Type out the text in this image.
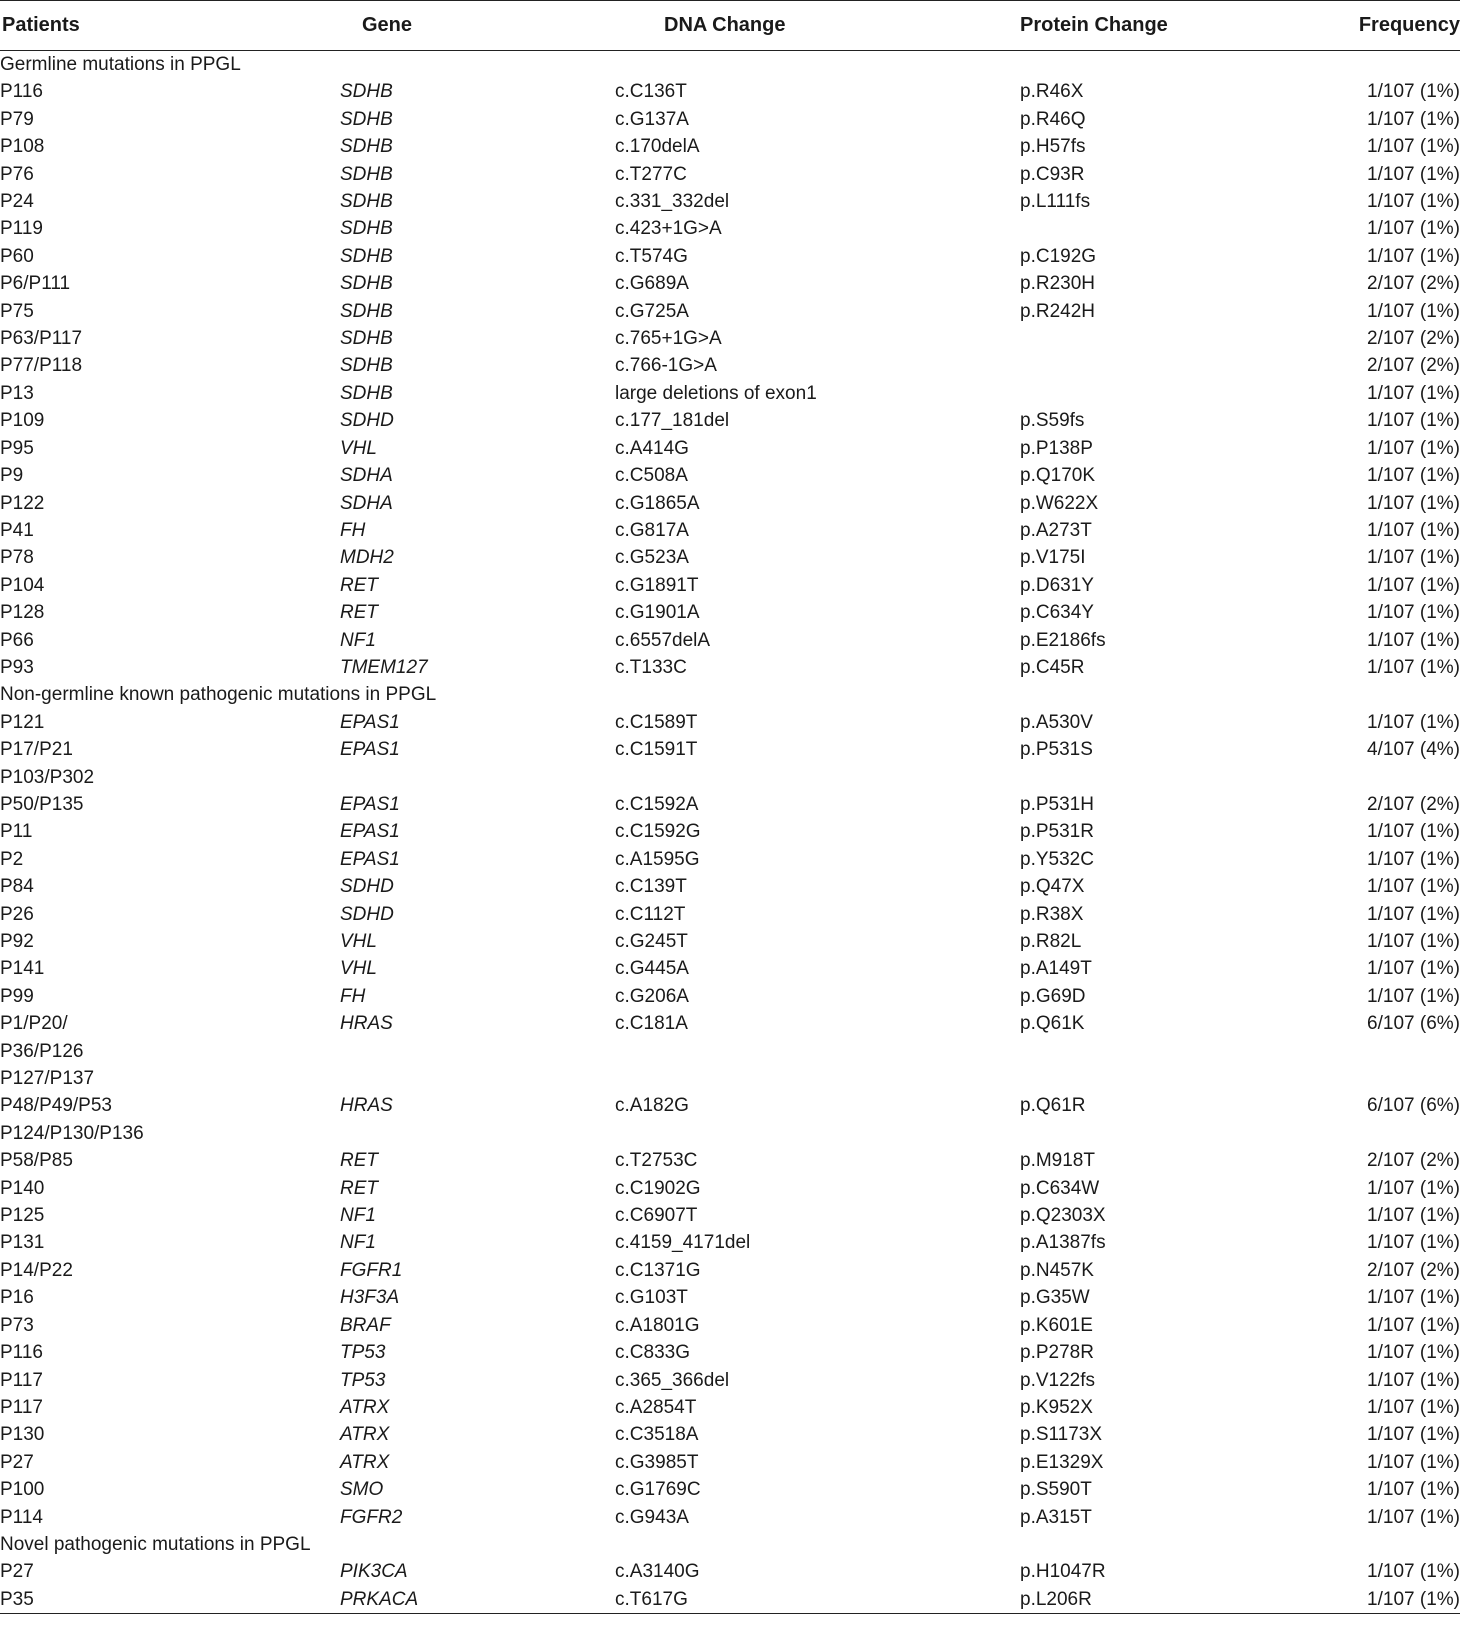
Patients	Gene	DNA Change	Protein Change	Frequency
Germline mutations in PPGL				
P116	SDHB	c.C136T	p.R46X	1/107 (1%)
P79	SDHB	c.G137A	p.R46Q	1/107 (1%)
P108	SDHB	c.170delA	p.H57fs	1/107 (1%)
P76	SDHB	c.T277C	p.C93R	1/107 (1%)
P24	SDHB	c.331_332del	p.L111fs	1/107 (1%)
P119	SDHB	c.423+1G>A		1/107 (1%)
P60	SDHB	c.T574G	p.C192G	1/107 (1%)
P6/P111	SDHB	c.G689A	p.R230H	2/107 (2%)
P75	SDHB	c.G725A	p.R242H	1/107 (1%)
P63/P117	SDHB	c.765+1G>A		2/107 (2%)
P77/P118	SDHB	c.766-1G>A		2/107 (2%)
P13	SDHB	large deletions of exon1		1/107 (1%)
P109	SDHD	c.177_181del	p.S59fs	1/107 (1%)
P95	VHL	c.A414G	p.P138P	1/107 (1%)
P9	SDHA	c.C508A	p.Q170K	1/107 (1%)
P122	SDHA	c.G1865A	p.W622X	1/107 (1%)
P41	FH	c.G817A	p.A273T	1/107 (1%)
P78	MDH2	c.G523A	p.V175I	1/107 (1%)
P104	RET	c.G1891T	p.D631Y	1/107 (1%)
P128	RET	c.G1901A	p.C634Y	1/107 (1%)
P66	NF1	c.6557delA	p.E2186fs	1/107 (1%)
P93	TMEM127	c.T133C	p.C45R	1/107 (1%)
Non-germline known pathogenic mutations in PPGL				
P121	EPAS1	c.C1589T	p.A530V	1/107 (1%)
P17/P21	EPAS1	c.C1591T	p.P531S	4/107 (4%)
P103/P302				
P50/P135	EPAS1	c.C1592A	p.P531H	2/107 (2%)
P11	EPAS1	c.C1592G	p.P531R	1/107 (1%)
P2	EPAS1	c.A1595G	p.Y532C	1/107 (1%)
P84	SDHD	c.C139T	p.Q47X	1/107 (1%)
P26	SDHD	c.C112T	p.R38X	1/107 (1%)
P92	VHL	c.G245T	p.R82L	1/107 (1%)
P141	VHL	c.G445A	p.A149T	1/107 (1%)
P99	FH	c.G206A	p.G69D	1/107 (1%)
P1/P20/	HRAS	c.C181A	p.Q61K	6/107 (6%)
P36/P126				
P127/P137				
P48/P49/P53	HRAS	c.A182G	p.Q61R	6/107 (6%)
P124/P130/P136				
P58/P85	RET	c.T2753C	p.M918T	2/107 (2%)
P140	RET	c.C1902G	p.C634W	1/107 (1%)
P125	NF1	c.C6907T	p.Q2303X	1/107 (1%)
P131	NF1	c.4159_4171del	p.A1387fs	1/107 (1%)
P14/P22	FGFR1	c.C1371G	p.N457K	2/107 (2%)
P16	H3F3A	c.G103T	p.G35W	1/107 (1%)
P73	BRAF	c.A1801G	p.K601E	1/107 (1%)
P116	TP53	c.C833G	p.P278R	1/107 (1%)
P117	TP53	c.365_366del	p.V122fs	1/107 (1%)
P117	ATRX	c.A2854T	p.K952X	1/107 (1%)
P130	ATRX	c.C3518A	p.S1173X	1/107 (1%)
P27	ATRX	c.G3985T	p.E1329X	1/107 (1%)
P100	SMO	c.G1769C	p.S590T	1/107 (1%)
P114	FGFR2	c.G943A	p.A315T	1/107 (1%)
Novel pathogenic mutations in PPGL				
P27	PIK3CA	c.A3140G	p.H1047R	1/107 (1%)
P35	PRKACA	c.T617G	p.L206R	1/107 (1%)
